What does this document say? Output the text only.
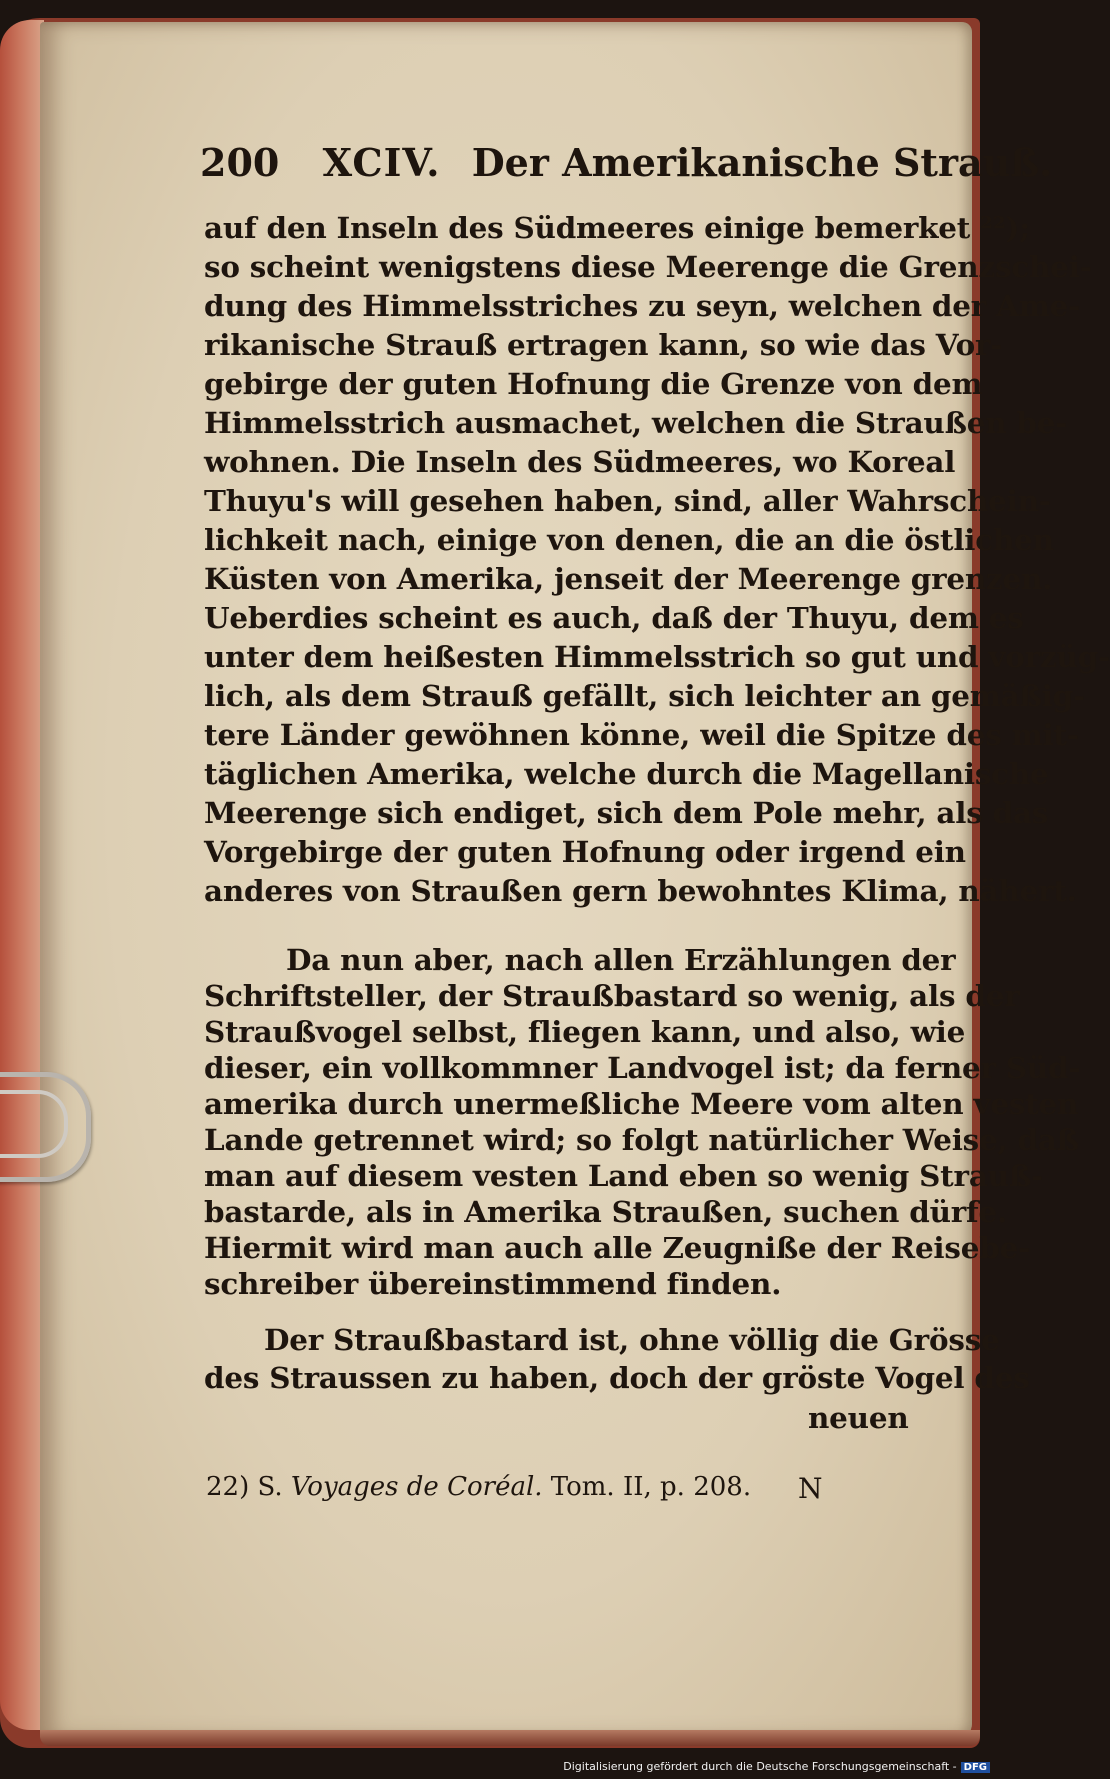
200 XCIV. Der Amerikanische Strauß.
auf den Inseln des Südmeeres einige bemerket ²²);
so scheint wenigstens diese Meerenge die Grenzschei-
dung des Himmelsstriches zu seyn, welchen der Ame-
rikanische Strauß ertragen kann, so wie das Vor-
gebirge der guten Hofnung die Grenze von dem
Himmelsstrich ausmachet, welchen die Straußen be-
wohnen. Die Inseln des Südmeeres, wo Koreal
Thuyu's will gesehen haben, sind, aller Wahrschein-
lichkeit nach, einige von denen, die an die östlichen
Küsten von Amerika, jenseit der Meerenge grenzen.
Ueberdies scheint es auch, daß der Thuyu, dem es
unter dem heißesten Himmelsstrich so gut und vorzüg-
lich, als dem Strauß gefällt, sich leichter an gemäßig-
tere Länder gewöhnen könne, weil die Spitze des mit-
täglichen Amerika, welche durch die Magellanische
Meerenge sich endiget, sich dem Pole mehr, als das
Vorgebirge der guten Hofnung oder irgend ein
anderes von Straußen gern bewohntes Klima, nähert.
Da nun aber, nach allen Erzählungen der
Schriftsteller, der Straußbastard so wenig, als der
Straußvogel selbst, fliegen kann, und also, wie
dieser, ein vollkommner Landvogel ist; da ferner Süd-
amerika durch unermeßliche Meere vom alten vesten
Lande getrennet wird; so folgt natürlicher Weise, daß
man auf diesem vesten Land eben so wenig Strauß-
bastarde, als in Amerika Straußen, suchen dürfe.
Hiermit wird man auch alle Zeugniße der Reisebe-
schreiber übereinstimmend finden.
Der Straußbastard ist, ohne völlig die Grösse
des Straussen zu haben, doch der gröste Vogel des
neuen
22) S. Voyages de Coréal. Tom. II, p. 208. N
Digitalisierung gefördert durch die Deutsche Forschungsgemeinschaft - DFG
